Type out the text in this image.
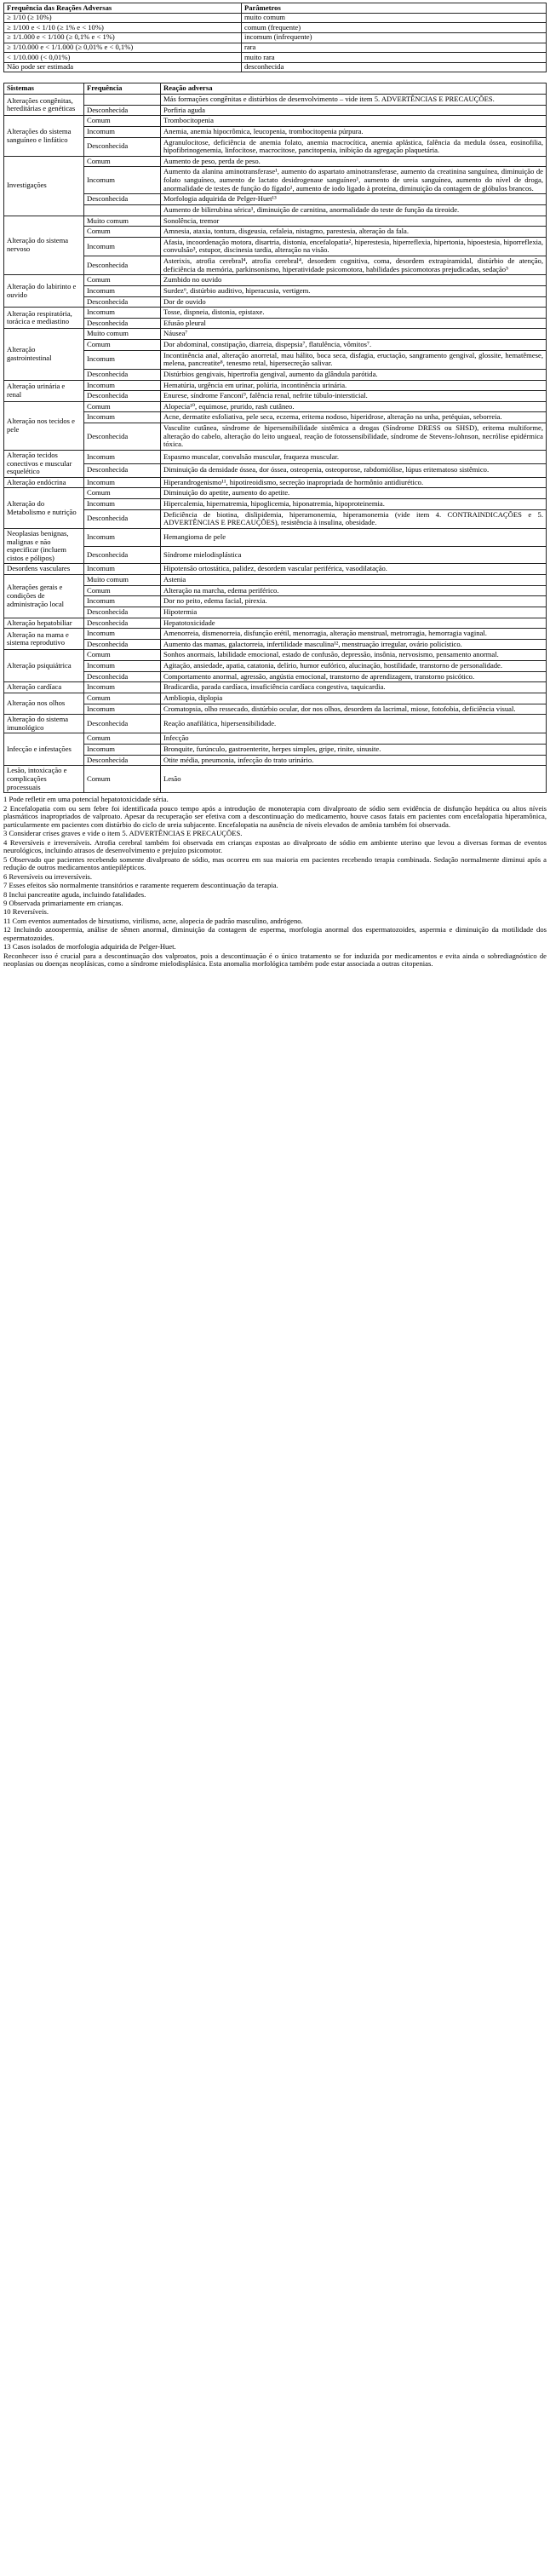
Frequência das Reações Adversas	Parâmetros
≥ 1/10 (≥ 10%)	muito comum
≥ 1/100 e < 1/10 (≥ 1% e < 10%)	comum (frequente)
≥ 1/1.000 e < 1/100 (≥ 0,1% e < 1%)	incomum (infrequente)
≥ 1/10.000 e < 1/1.000 (≥ 0,01% e < 0,1%)	rara
< 1/10.000 (< 0,01%)	muito rara
Não pode ser estimada	desconhecida
Sistemas	Frequência	Reação adversa
Alterações congênitas, hereditárias e genéticas		Más formações congênitas e distúrbios de desenvolvimento – vide item 5. ADVERTÊNCIAS E PRECAUÇÕES.
	Desconhecida	Porfiria aguda
Alterações do sistema sanguíneo e linfático	Comum	Trombocitopenia
	Incomum	Anemia, anemia hipocrômica, leucopenia, trombocitopenia púrpura.
	Desconhecida	Agranulocitose, deficiência de anemia folato, anemia macrocítica, anemia aplástica, falência da medula óssea, eosinofilia, hipofibrinogenemia, linfocitose, macrocitose, pancitopenia, inibição da agregação plaquetária.
Investigações	Comum	Aumento de peso, perda de peso.
	Incomum	Aumento da alanina aminotransferase¹, aumento do aspartato aminotransferase, aumento da creatinina sanguínea, diminuição de folato sanguíneo, aumento de lactato desidrogenase sanguíneo¹, aumento de ureia sanguínea, aumento do nível de droga, anormalidade de testes de função do fígado¹, aumento de iodo ligado à proteína, diminuição da contagem de glóbulos brancos.
	Desconhecida	Morfologia adquirida de Pelger-Huet¹³
		Aumento de bilirrubina sérica¹, diminuição de carnitina, anormalidade do teste de função da tireoide.
Alteração do sistema nervoso	Muito comum	Sonolência, tremor
	Comum	Amnesia, ataxia, tontura, disgeusia, cefaleia, nistagmo, parestesia, alteração da fala.
	Incomum	Afasia, incoordenação motora, disartria, distonia, encefalopatia², hiperestesia, hiperreflexia, hipertonia, hipoestesia, hiporreflexia, convulsão³, estupor, discinesia tardia, alteração na visão.
	Desconhecida	Asterixis, atrofia cerebral⁴, atrofia cerebral⁴, desordem cognitiva, coma, desordem extrapiramidal, distúrbio de atenção, deficiência da memória, parkinsonismo, hiperatividade psicomotora, habilidades psicomotoras prejudicadas, sedação⁵
Alteração do labirinto e ouvido	Comum	Zumbido no ouvido
	Incomum	Surdez⁶, distúrbio auditivo, hiperacusia, vertigem.
	Desconhecida	Dor de ouvido
Alteração respiratória, torácica e mediastino	Incomum	Tosse, dispneia, distonia, epistaxe.
	Desconhecida	Efusão pleural
Alteração gastrointestinal	Muito comum	Náusea⁷
	Comum	Dor abdominal, constipação, diarreia, dispepsia⁷, flatulência, vômitos⁷.
	Incomum	Incontinência anal, alteração anorretal, mau hálito, boca seca, disfagia, eructação, sangramento gengival, glossite, hematêmese, melena, pancreatite⁸, tenesmo retal, hipersecreção salivar.
	Desconhecida	Distúrbios gengivais, hipertrofia gengival, aumento da glândula parótida.
Alteração urinária e renal	Incomum	Hematúria, urgência em urinar, polúria, incontinência urinária.
	Desconhecida	Enurese, síndrome Fanconi⁹, falência renal, nefrite túbulo-intersticial.
Alteração nos tecidos e pele	Comum	Alopecia¹⁰, equimose, prurido, rash cutâneo.
	Incomum	Acne, dermatite esfoliativa, pele seca, eczema, eritema nodoso, hiperidrose, alteração na unha, petéquias, seborreia.
	Desconhecida	Vasculite cutânea, síndrome de hipersensibilidade sistêmica a drogas (Síndrome DRESS ou SHSD), eritema multiforme, alteração do cabelo, alteração do leito ungueal, reação de fotossensibilidade, síndrome de Stevens-Johnson, necrólise epidérmica tóxica.
Alteração tecidos conectivos e muscular esquelético	Incomum	Espasmo muscular, convulsão muscular, fraqueza muscular.
	Desconhecida	Diminuição da densidade óssea, dor óssea, osteopenia, osteoporose, rabdomiólise, lúpus eritematoso sistêmico.
Alteração endócrina	Incomum	Hiperandrogenismo¹¹, hipotireoidismo, secreção inapropriada de hormônio antidiurético.
Alteração do Metabolismo e nutrição	Comum	Diminuição do apetite, aumento do apetite.
	Incomum	Hipercalemia, hipernatremia, hipoglicemia, hiponatremia, hipoproteinemia.
	Desconhecida	Deficiência de biotina, dislipidemia, hiperamonemia, hiperamonemia (vide item 4. CONTRAINDICAÇÕES e 5. ADVERTÊNCIAS E PRECAUÇÕES), resistência à insulina, obesidade.
Neoplasias benignas, malignas e não especificar (incluem cistos e pólipos)	Incomum	Hemangioma de pele
	Desconhecida	Síndrome mielodisplástica
Desordens vasculares	Incomum	Hipotensão ortostática, palidez, desordem vascular periférica, vasodilatação.
Alterações gerais e condições de administração local	Muito comum	Astenia
	Comum	Alteração na marcha, edema periférico.
	Incomum	Dor no peito, edema facial, pirexia.
	Desconhecida	Hipotermia
Alteração hepatobiliar	Desconhecida	Hepatotoxicidade
Alteração na mama e sistema reprodutivo	Incomum	Amenorreia, dismenorreia, disfunção erétil, menorragia, alteração menstrual, metrorragia, hemorragia vaginal.
	Desconhecida	Aumento das mamas, galactorreia, infertilidade masculina¹², menstruação irregular, ovário policístico.
Alteração psiquiátrica	Comum	Sonhos anormais, labilidade emocional, estado de confusão, depressão, insônia, nervosismo, pensamento anormal.
	Incomum	Agitação, ansiedade, apatia, catatonia, delírio, humor eufórico, alucinação, hostilidade, transtorno de personalidade.
	Desconhecida	Comportamento anormal, agressão, angústia emocional, transtorno de aprendizagem, transtorno psicótico.
Alteração cardíaca	Incomum	Bradicardia, parada cardíaca, insuficiência cardíaca congestiva, taquicardia.
Alteração nos olhos	Comum	Ambliopia, diplopia
	Incomum	Cromatopsia, olho ressecado, distúrbio ocular, dor nos olhos, desordem da lacrimal, miose, fotofobia, deficiência visual.
Alteração do sistema imunológico	Desconhecida	Reação anafilática, hipersensibilidade.
Infecção e infestações	Comum	Infecção
	Incomum	Bronquite, furúnculo, gastroenterite, herpes simples, gripe, rinite, sinusite.
	Desconhecida	Otite média, pneumonia, infecção do trato urinário.
Lesão, intoxicação e complicações processuais	Comum	Lesão

1 Pode refletir em uma potencial hepatotoxicidade séria.

2 Encefalopatia com ou sem febre foi identificada pouco tempo após a introdução de monoterapia com divalproato de sódio sem evidência de disfunção hepática ou altos níveis plasmáticos inapropriados de valproato. Apesar da recuperação ser efetiva com a descontinuação do medicamento, houve casos fatais em pacientes com encefalopatia hiperamônica, particularmente em pacientes com distúrbio do ciclo de ureia subjacente. Encefalopatia na ausência de níveis elevados de amônia também foi observada.

3 Considerar crises graves e vide o item 5. ADVERTÊNCIAS E PRECAUÇÕES.

4 Reversíveis e irreversíveis. Atrofia cerebral também foi observada em crianças expostas ao divalproato de sódio em ambiente uterino que levou a diversas formas de eventos neurológicos, incluindo atrasos de desenvolvimento e prejuízo psicomotor.

5 Observado que pacientes recebendo somente divalproato de sódio, mas ocorreu em sua maioria em pacientes recebendo terapia combinada. Sedação normalmente diminui após a redução de outros medicamentos antiepilépticos.

6 Reversíveis ou irreversíveis.

7 Esses efeitos são normalmente transitórios e raramente requerem descontinuação da terapia.

8 Inclui pancreatite aguda, incluindo fatalidades.

9 Observada primariamente em crianças.

10 Reversíveis.

11 Com eventos aumentados de hirsutismo, virilismo, acne, alopecia de padrão masculino, andrógeno.

12 Incluindo azoospermia, análise de sêmen anormal, diminuição da contagem de esperma, morfologia anormal dos espermatozoides, aspermia e diminuição da motilidade dos espermatozoides.

13 Casos isolados de morfologia adquirida de Pelger-Huet.

Reconhecer isso é crucial para a descontinuação dos valproatos, pois a descontinuação é o único tratamento se for induzida por medicamentos e evita ainda o sobrediagnóstico de neoplasias ou doenças neoplásicas, como a síndrome mielodisplásica. Esta anomalia morfológica também pode estar associada a outras citopenias.
